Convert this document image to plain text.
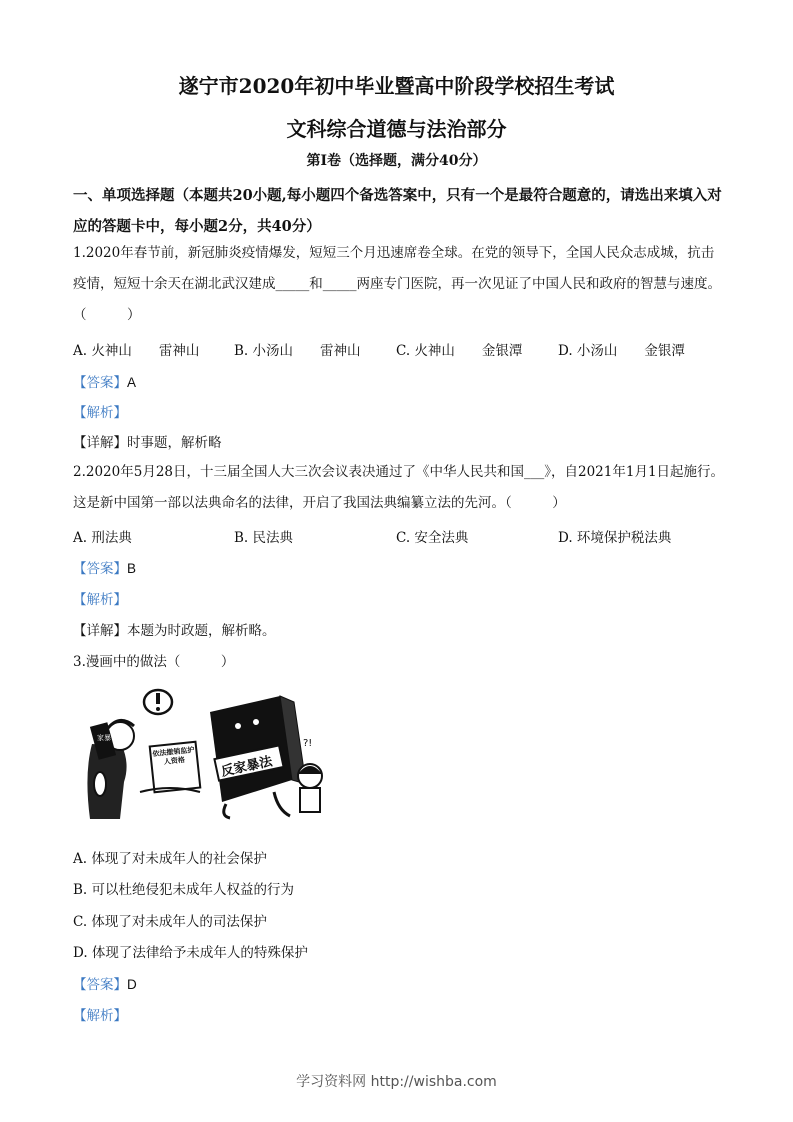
遂宁市2020年初中毕业暨高中阶段学校招生考试
文科综合道德与法治部分
第Ⅰ卷（选择题，满分40分）
一、单项选择题（本题共20小题,每小题四个备选答案中，只有一个是最符合题意的，请选出来填入对应的答题卡中，每小题2分，共40分）
1.2020年春节前，新冠肺炎疫情爆发，短短三个月迅速席卷全球。在党的领导下，全国人民众志成城，抗击疫情，短短十余天在湖北武汉建成_____和_____两座专门医院，再一次见证了中国人民和政府的智慧与速度。（　　　）
A. 火神山　　雷神山	B. 小汤山　　雷神山	C. 火神山　　金银潭	D. 小汤山　　金银潭
【答案】A
【解析】
【详解】时事题，解析略
2.2020年5月28日，十三届全国人大三次会议表决通过了《中华人民共和国___》，自2021年1月1日起施行。这是新中国第一部以法典命名的法律，开启了我国法典编纂立法的先河。（　　　）
A. 刑法典	B. 民法典	C. 安全法典	D. 环境保护税法典
【答案】B
【解析】
【详解】本题为时政题，解析略。
3.漫画中的做法（　　　）
家暴
依法撤销监护人资格	反家暴法
?!
A. 体现了对未成年人的社会保护
B. 可以杜绝侵犯未成年人权益的行为
C. 体现了对未成年人的司法保护
D. 体现了法律给予未成年人的特殊保护
【答案】D
【解析】
学习资料网 http://wishba.com
